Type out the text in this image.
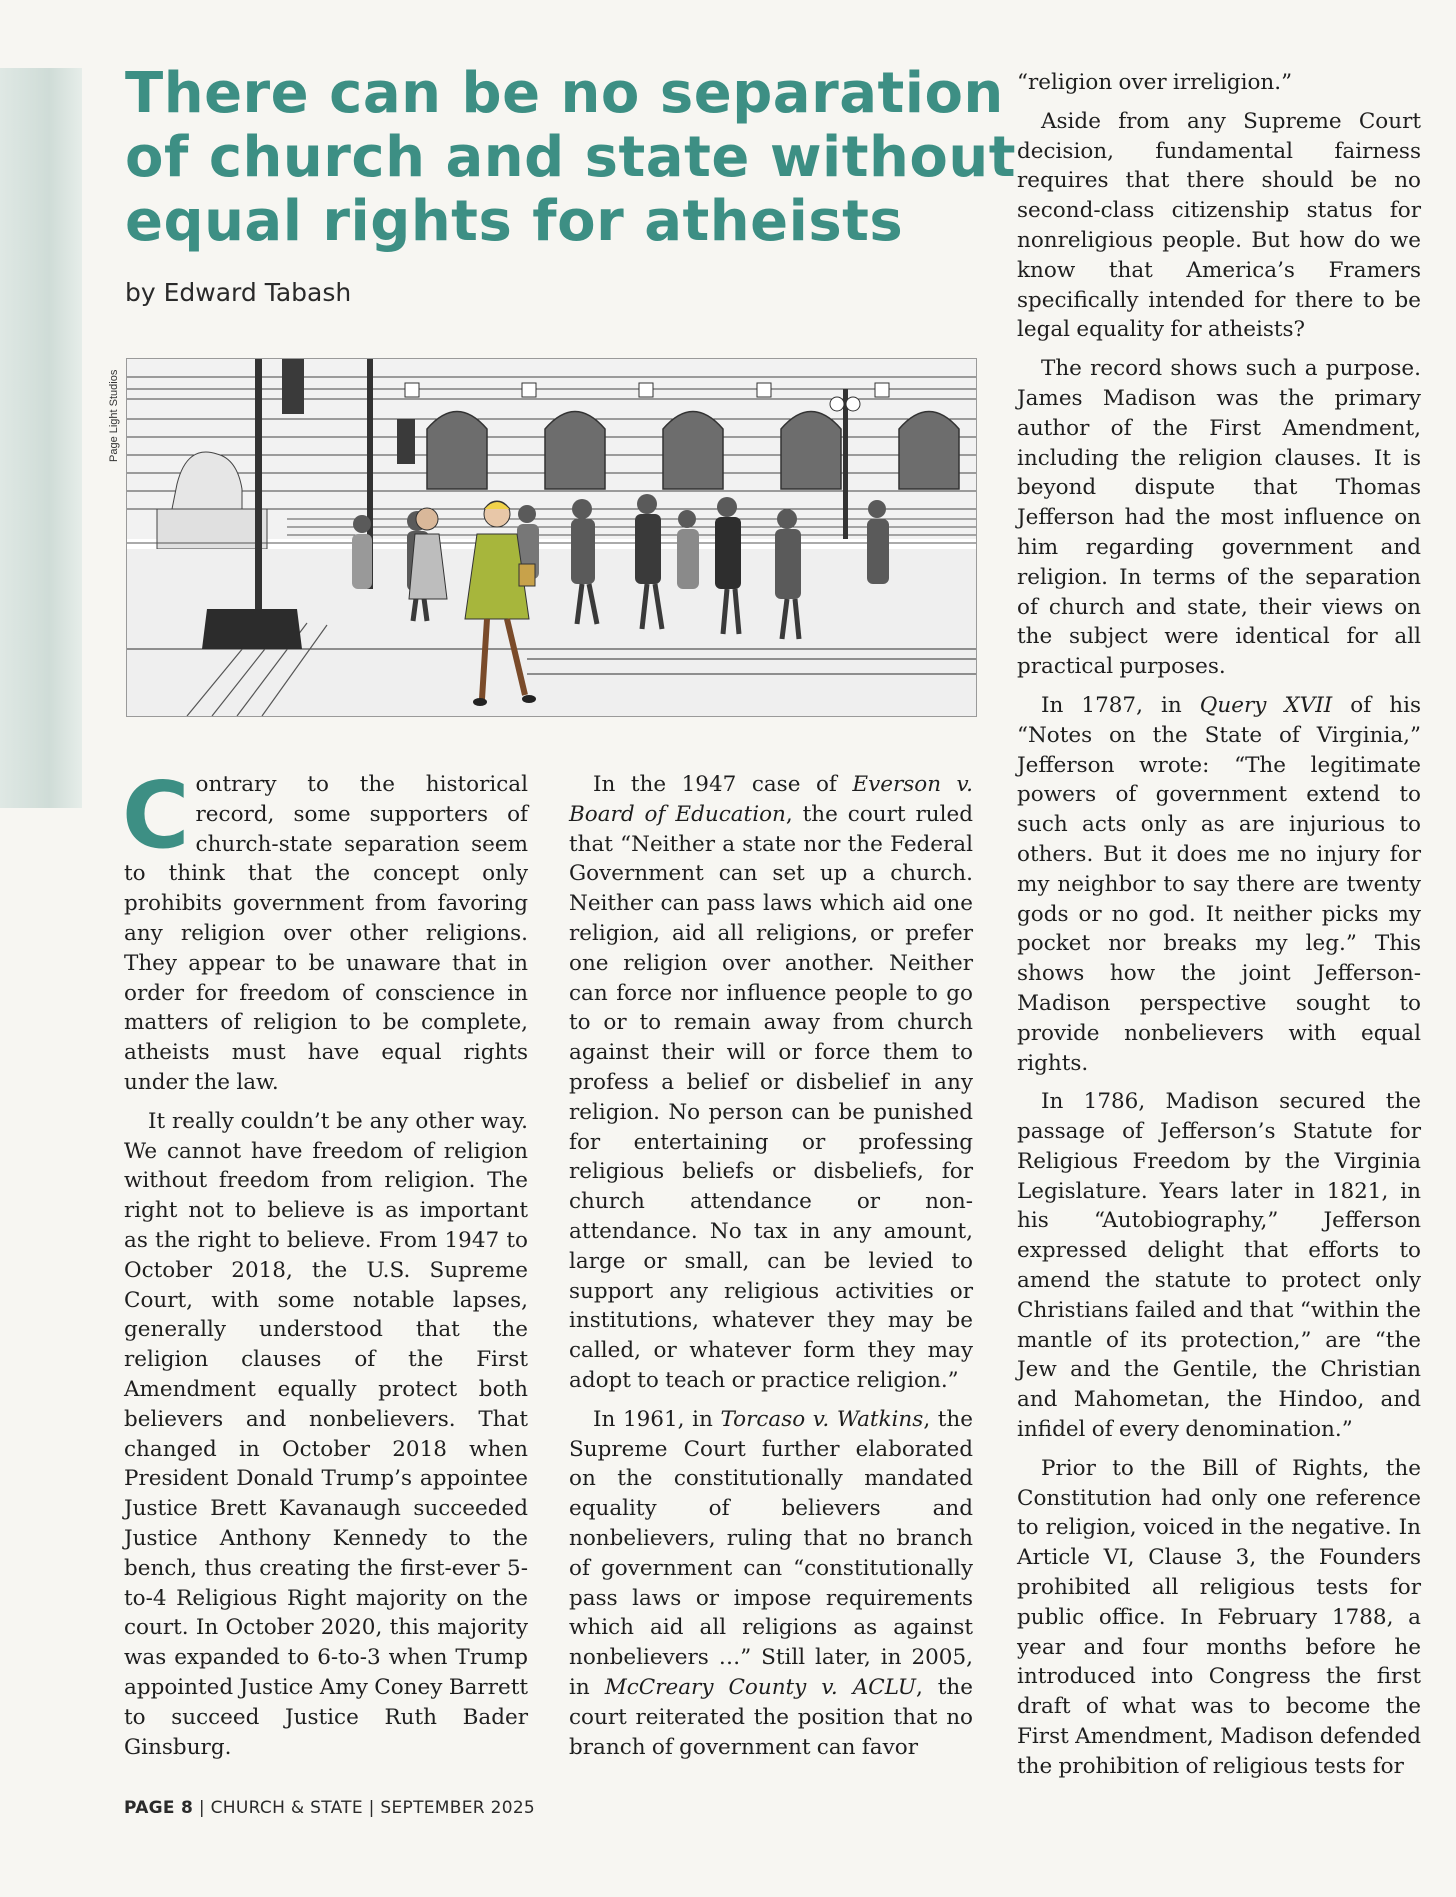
There can be no separation
of church and state without
equal rights for atheists
by Edward Tabash
Page Light Studios

Contrary to the historical record, some supporters of church-state separation seem to think that the concept only prohibits government from favoring any religion over other religions. They appear to be unaware that in order for freedom of conscience in matters of religion to be complete, atheists must have equal rights under the law.

It really couldn’t be any other way. We cannot have freedom of religion without freedom from religion. The right not to believe is as important as the right to believe. From 1947 to October 2018, the U.S. Supreme Court, with some notable lapses, generally understood that the religion clauses of the First Amendment equally protect both believers and nonbelievers. That changed in October 2018 when President Donald Trump’s appointee Justice Brett Kavanaugh succeeded Justice Anthony Kennedy to the bench, thus creating the first-ever 5-to-4 Religious Right majority on the court. In October 2020, this majority was expanded to 6-to-3 when Trump appointed Justice Amy Coney Barrett to succeed Justice Ruth Bader Ginsburg.

In the 1947 case of Everson v. Board of Education, the court ruled that “Neither a state nor the Federal Government can set up a church. Neither can pass laws which aid one religion, aid all religions, or prefer one religion over another. Neither can force nor influence people to go to or to remain away from church against their will or force them to profess a belief or disbelief in any religion. No person can be punished for entertaining or professing religious beliefs or disbeliefs, for church attendance or non-attendance. No tax in any amount, large or small, can be levied to support any religious activities or institutions, whatever they may be called, or whatever form they may adopt to teach or practice religion.”

In 1961, in Torcaso v. Watkins, the Supreme Court further elaborated on the constitutionally mandated equality of believers and nonbelievers, ruling that no branch of government can “constitutionally pass laws or impose requirements which aid all religions as against nonbelievers …” Still later, in 2005, in McCreary County v. ACLU, the court reiterated the position that no branch of government can favor

“religion over irreligion.”

Aside from any Supreme Court decision, fundamental fairness requires that there should be no second-class citizenship status for nonreligious people. But how do we know that America’s Framers specifically intended for there to be legal equality for atheists?

The record shows such a purpose. James Madison was the primary author of the First Amendment, including the religion clauses. It is beyond dispute that Thomas Jefferson had the most influence on him regarding government and religion. In terms of the separation of church and state, their views on the subject were identical for all practical purposes.

In 1787, in Query XVII of his “Notes on the State of Virginia,” Jefferson wrote: “The legitimate powers of government extend to such acts only as are injurious to others. But it does me no injury for my neighbor to say there are twenty gods or no god. It neither picks my pocket nor breaks my leg.” This shows how the joint Jefferson-Madison perspective sought to provide nonbelievers with equal rights.

In 1786, Madison secured the passage of Jefferson’s Statute for Religious Freedom by the Virginia Legislature. Years later in 1821, in his “Autobiography,” Jefferson expressed delight that efforts to amend the statute to protect only Christians failed and that “within the mantle of its protection,” are “the Jew and the Gentile, the Christian and Mahometan, the Hindoo, and infidel of every denomination.”

Prior to the Bill of Rights, the Constitution had only one reference to religion, voiced in the negative. In Article VI, Clause 3, the Founders prohibited all religious tests for public office. In February 1788, a year and four months before he introduced into Congress the first draft of what was to become the First Amendment, Madison defended the prohibition of religious tests for

PAGE 8 | CHURCH & STATE | SEPTEMBER 2025
